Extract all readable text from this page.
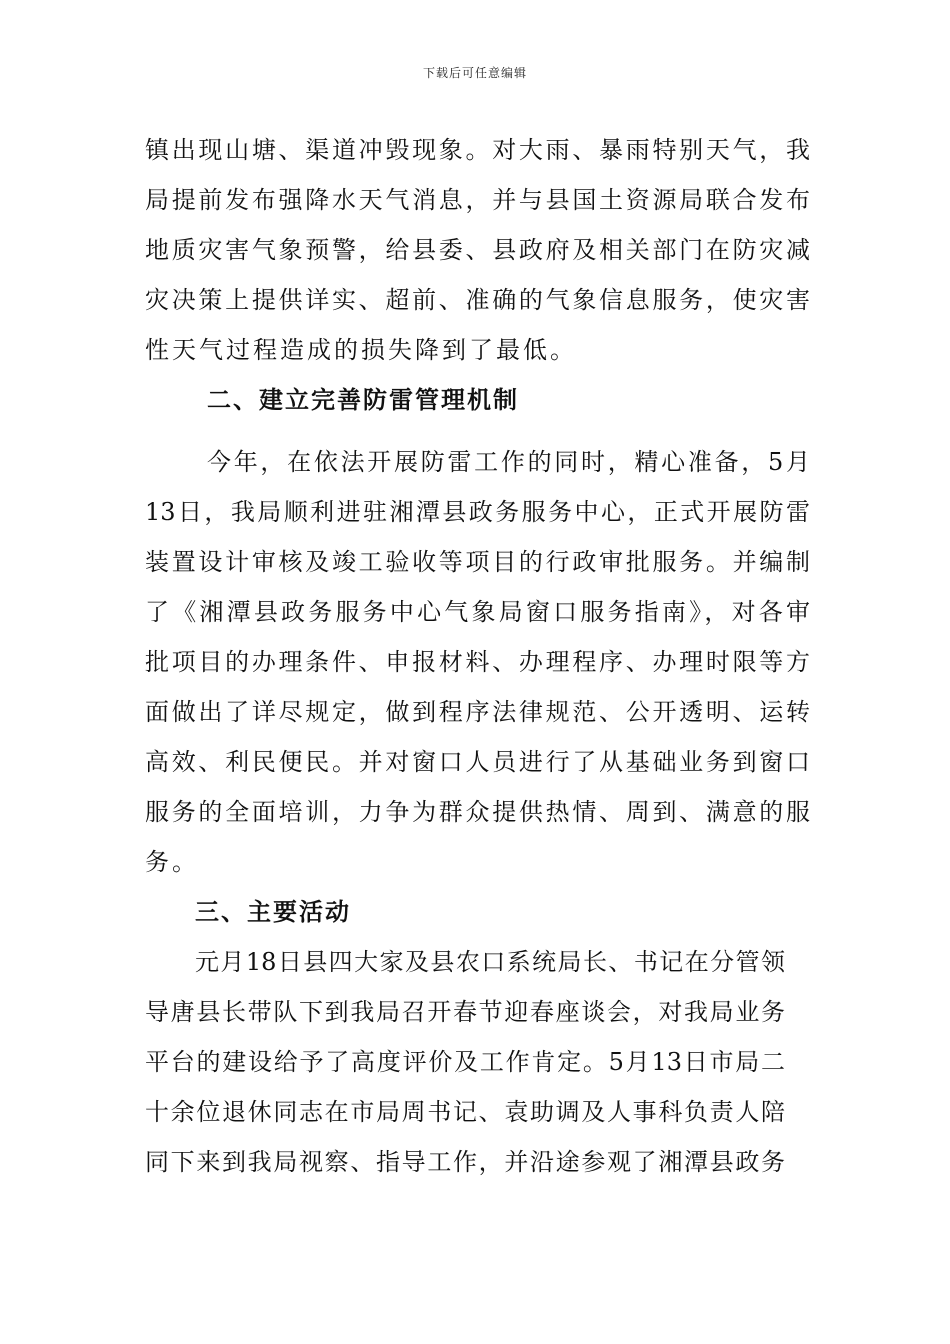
下载后可任意编辑
镇出现山塘、渠道冲毁现象。对大雨、暴雨特别天气，我
局提前发布强降水天气消息，并与县国土资源局联合发布
地质灾害气象预警，给县委、县政府及相关部门在防灾减
灾决策上提供详实、超前、准确的气象信息服务，使灾害
性天气过程造成的损失降到了最低。
二、建立完善防雷管理机制
今年，在依法开展防雷工作的同时，精心准备，5月
13日，我局顺利进驻湘潭县政务服务中心，正式开展防雷
装置设计审核及竣工验收等项目的行政审批服务。并编制
了《湘潭县政务服务中心气象局窗口服务指南》，对各审
批项目的办理条件、申报材料、办理程序、办理时限等方
面做出了详尽规定，做到程序法律规范、公开透明、运转
高效、利民便民。并对窗口人员进行了从基础业务到窗口
服务的全面培训，力争为群众提供热情、周到、满意的服
务。
三、主要活动
元月18日县四大家及县农口系统局长、书记在分管领
导唐县长带队下到我局召开春节迎春座谈会，对我局业务
平台的建设给予了高度评价及工作肯定。5月13日市局二
十余位退休同志在市局周书记、袁助调及人事科负责人陪
同下来到我局视察、指导工作，并沿途参观了湘潭县政务
